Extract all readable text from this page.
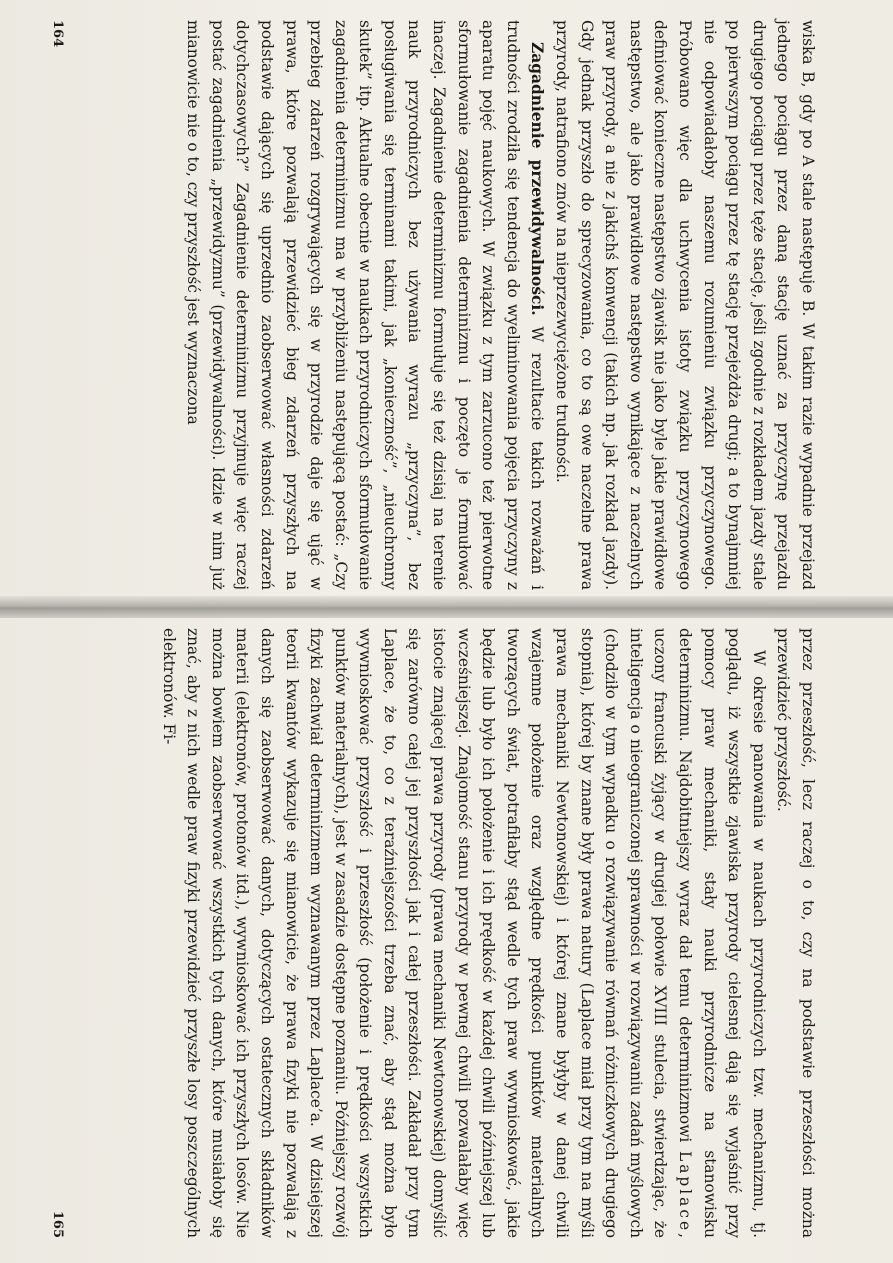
wiska B, gdy po A stale następuje B. W takim razie wypadnie przejazd jednego pociągu przez daną stację uznać za przyczynę przejazdu drugiego pociągu przez tęże stację, jeśli zgodnie z rozkładem jazdy stale po pierwszym pociągu przez tę stację przejeżdża drugi; a to bynajmniej nie odpowiadałoby naszemu rozumieniu związku przyczynowego. Próbowano więc dla uchwycenia istoty związku przyczynowego definiować konieczne następstwo zjawisk nie jako byle jakie prawidłowe następstwo, ale jako prawidłowe następstwo wynikające z naczelnych praw przyrody, a nie z jakichś konwencji (takich np. jak rozkład jazdy). Gdy jednak przyszło do sprecyzowania, co to są owe naczelne prawa przyrody, natrafiono znów na nieprzezwyciężone trudności.

Zagadnienie przewidywalności. W rezultacie takich rozważań i trudności zrodziła się tendencja do wyeliminowania pojęcia przyczyny z aparatu pojęć naukowych. W związku z tym zarzucono też pierwotne sformułowanie zagadnienia determinizmu i poczęto je formułować inaczej. Zagadnienie determinizmu formułuje się też dzisiaj na terenie nauk przyrodniczych bez używania wyrazu „przyczyna”, bez posługiwania się terminami takimi, jak „konieczność”, „nieuchronny skutek” itp. Aktualne obecnie w naukach przyrodniczych sformułowanie zagadnienia determinizmu ma w przybliżeniu następującą postać: „Czy przebieg zdarzeń rozgrywających się w przyrodzie daje się ująć w prawa, które pozwalają przewidzieć bieg zdarzeń przyszłych na podstawie dających się uprzednio zaobserwować własności zdarzeń dotychczasowych?” Zagadnienie determinizmu przyjmuje więc raczej postać zagadnienia „przewidyzmu” (przewidywalności). Idzie w nim już mianowicie nie o to, czy przyszłość jest wyznaczona

164

przez przeszłość, lecz raczej o to, czy na podstawie przeszłości można przewidzieć przyszłość.

W okresie panowania w naukach przyrodniczych tzw. mechanizmu, tj. poglądu, iż wszystkie zjawiska przyrody cielesnej dają się wyjaśnić przy pomocy praw mechaniki, stały nauki przyrodnicze na stanowisku determinizmu. Najdobitniejszy wyraz dał temu determinizmowi Laplace, uczony francuski żyjący w drugiej połowie XVIII stulecia, stwierdzając, że inteligencja o nieograniczonej sprawności w rozwiązywaniu zadań myślowych (chodziło w tym wypadku o rozwiązywanie równań różniczkowych drugiego stopnia), której by znane były prawa natury (Laplace miał przy tym na myśli prawa mechaniki Newtonowskiej) i której znane byłyby w danej chwili wzajemne położenie oraz względne prędkości punktów materialnych tworzących świat, potrafiłaby stąd wedle tych praw wywnioskować, jakie będzie lub było ich położenie i ich prędkość w każdej chwili późniejszej lub wcześniejszej. Znajomość stanu przyrody w pewnej chwili pozwalałaby więc istocie znającej prawa przyrody (prawa mechaniki Newtonowskiej) domyślić się zarówno całej jej przyszłości jak i całej przeszłości. Zakładał przy tym Laplace, że to, co z teraźniejszości trzeba znać, aby stąd można było wywnioskować przyszłość i przeszłość (położenie i prędkości wszystkich punktów materialnych), jest w zasadzie dostępne poznaniu. Późniejszy rozwój fizyki zachwiał determinizmem wyznawanym przez Laplace’a. W dzisiejszej teorii kwantów wykazuje się mianowicie, że prawa fizyki nie pozwalają z danych się zaobserwować danych, dotyczących ostatecznych składników materii (elektronów, protonów itd.), wywnioskować ich przyszłych losów. Nie można bowiem zaobserwować wszystkich tych danych, które musiałoby się znać, aby z nich wedle praw fizyki przewidzieć przyszłe losy poszczególnych elektronów. Fi-

165
